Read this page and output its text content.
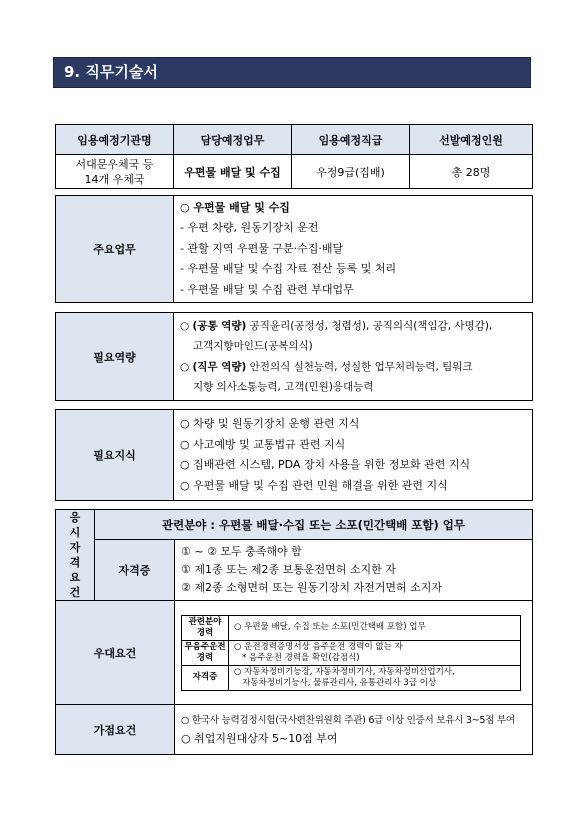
9. 직무기술서
임용예정기관명	담당예정업무	임용예정직급	선발예정인원
서대문우체국 등
14개 우체국	우편물 배달 및 수집	우정9급(집배)	총 28명
주요업무	
○ 우편물 배달 및 수집
- 우편 차량, 원동기장치 운전
- 관할 지역 우편물 구분·수집·배달
- 우편물 배달 및 수집 자료 전산 등록 및 처리
- 우편물 배달 및 수집 관련 부대업무
필요역량	
○ (공통 역량) 공직윤리(공정성, 청렴성), 공직의식(책임감, 사명감),
고객지향마인드(공복의식)
○ (직무 역량) 안전의식 실천능력, 성실한 업무처리능력, 팀워크
지향 의사소통능력, 고객(민원)응대능력
필요지식	
○ 차량 및 원동기장치 운행 관련 지식
○ 사고예방 및 교통법규 관련 지식
○ 집배관련 시스템, PDA 장치 사용을 위한 정보화 관련 지식
○ 우편물 배달 및 수집 관련 민원 해결을 위한 관련 지식
응
시
자
격
요
건
	관련분야 : 우편물 배달·수집 또는 소포(민간택배 포함) 업무
자격증	
① ~ ② 모두 충족해야 함
① 제1종 또는 제2종 보통운전면허 소지한 자
② 제2종 소형면허 또는 원동기장치 자전거면허 소지자

우대요건	
관련분야
경력

○ 우편물 배달, 수집 또는 소포(민간택배 포함) 업무

무음주운전
경력

○ 운전경력증명서상 음주운전 경력이 없는 자
* 음주운전 경력을 확인(감점식)

자격증

○ 자동차정비기능장, 자동차정비기사, 자동차정비산업기사,
자동차정비기능사, 물류관리사, 유통관리사 3급 이상

가점요건	
○ 한국사 능력검정시험(국사편찬위원회 주관) 6급 이상 인증서 보유시 3~5점 부여
○ 취업지원대상자 5~10점 부여
